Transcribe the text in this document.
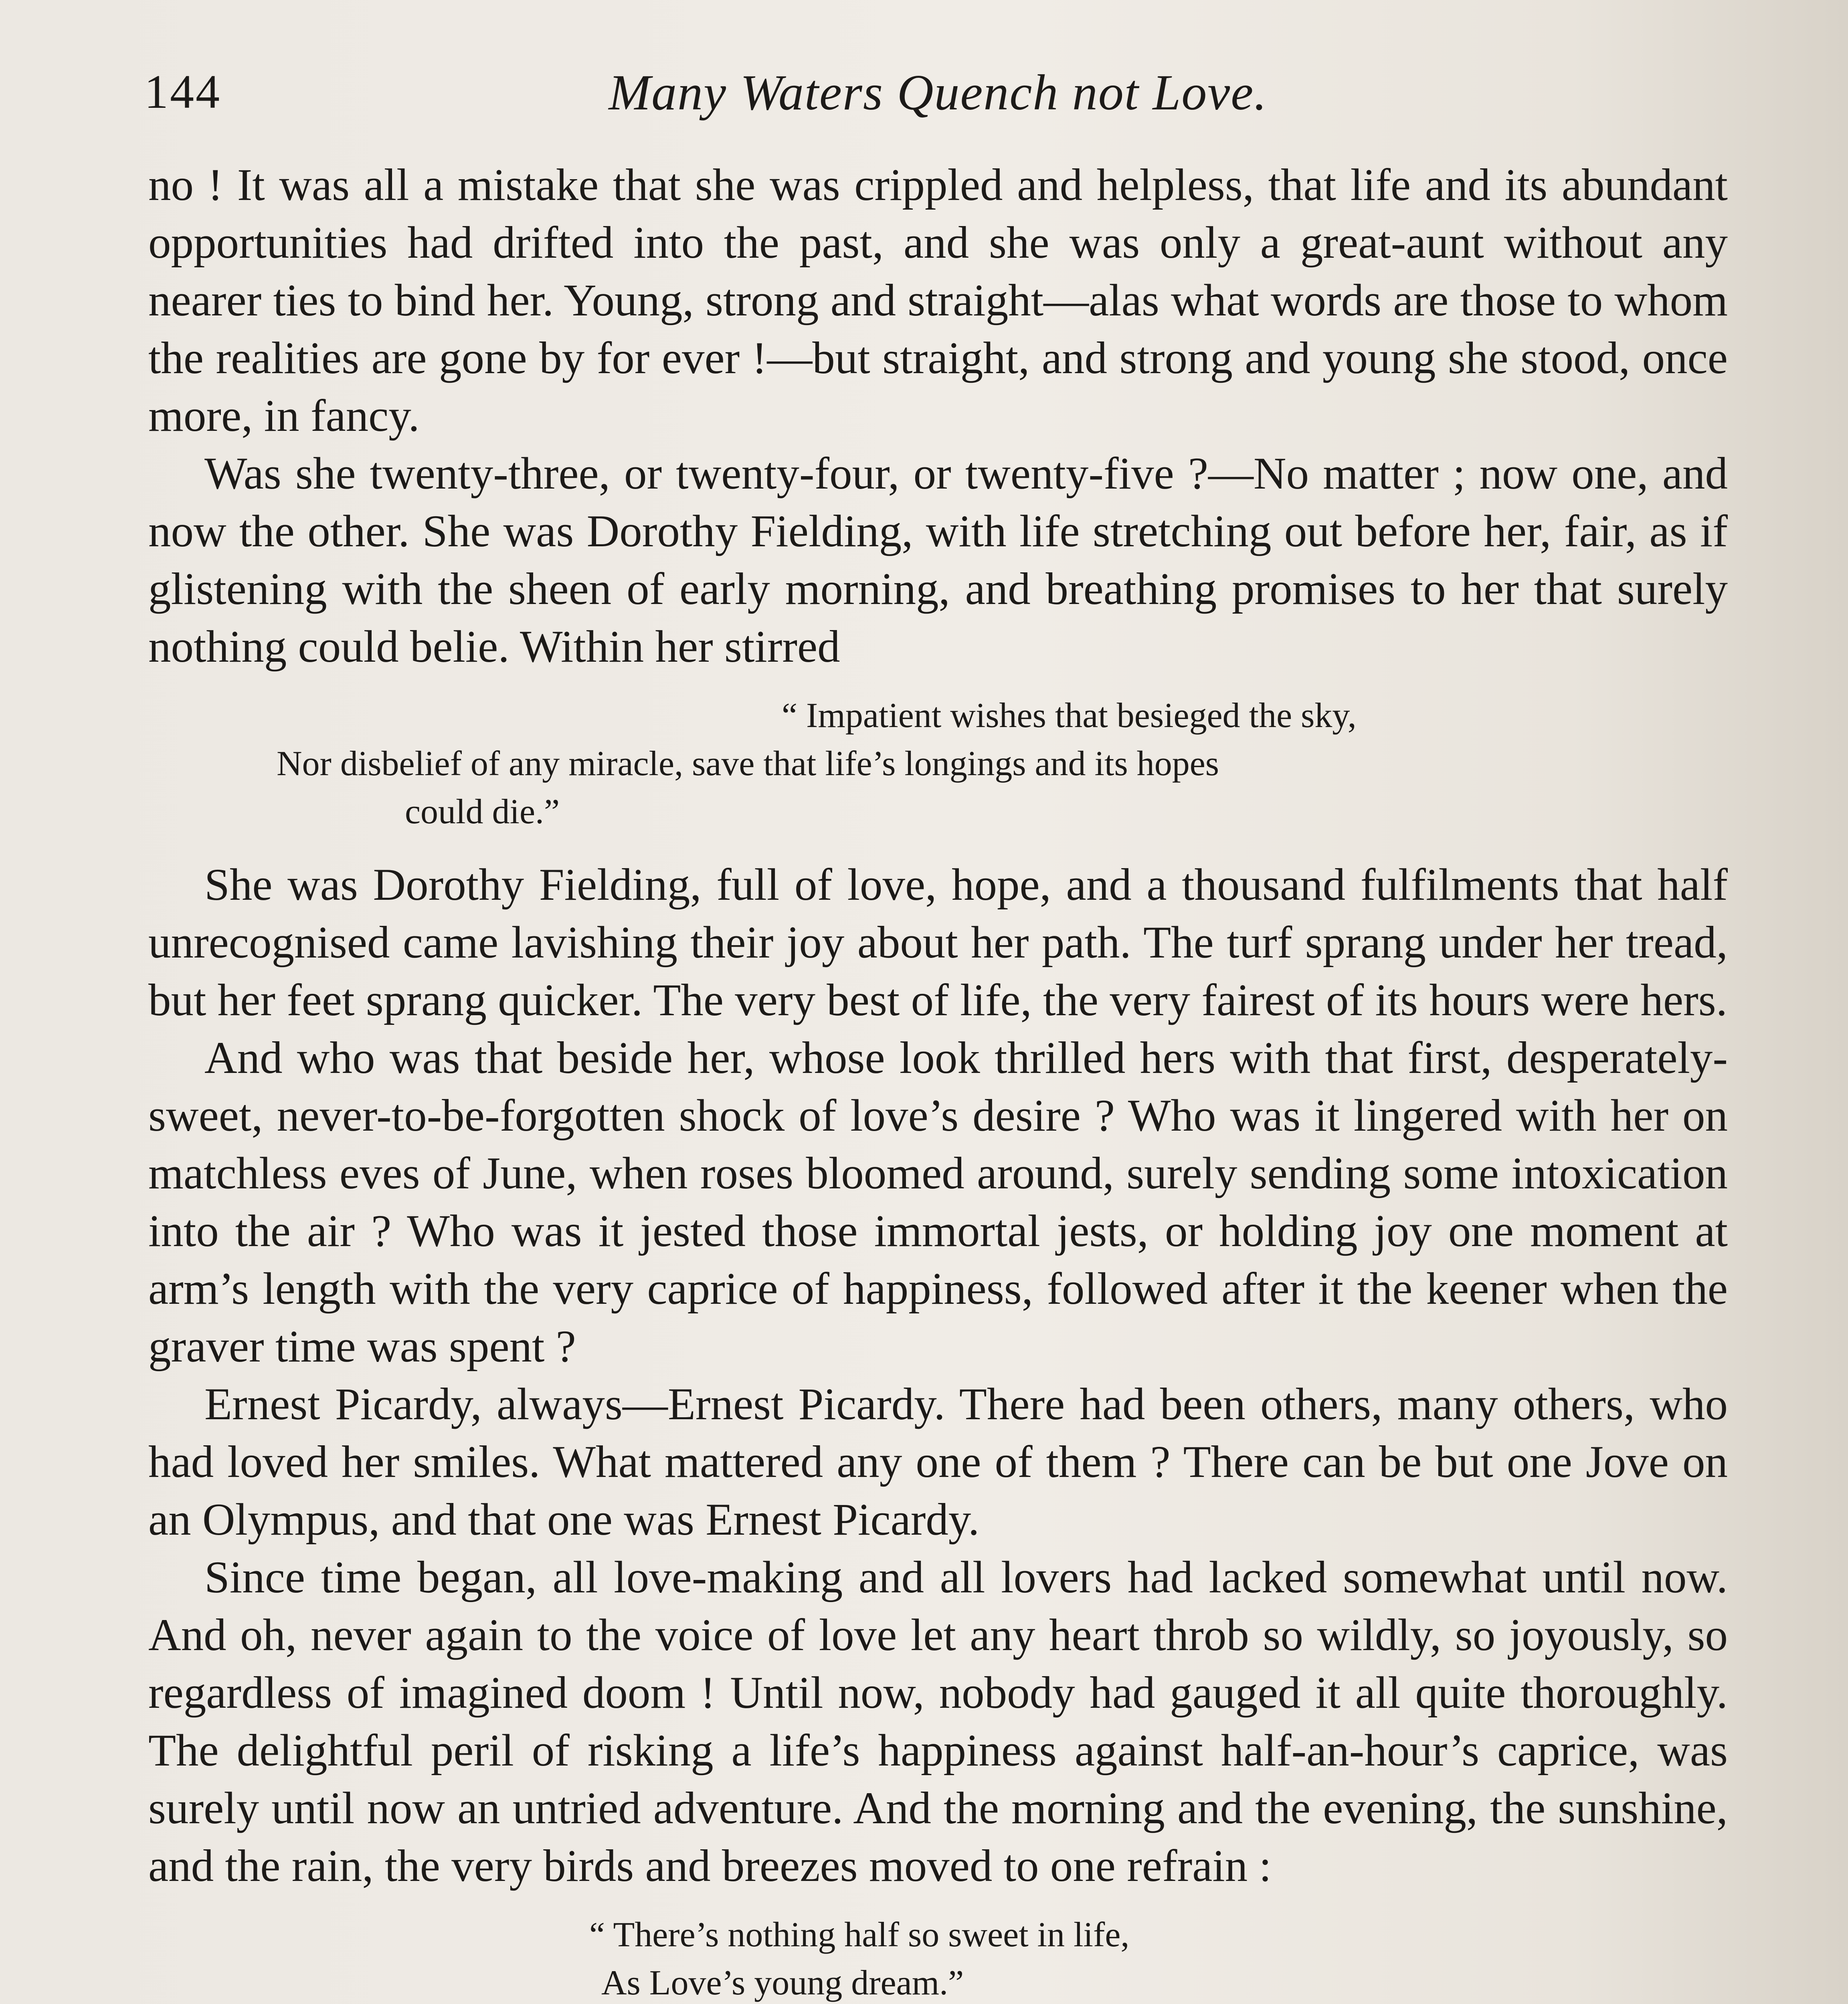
144	Many Waters Quench not Love.

no ! It was all a mistake that she was crippled and helpless, that life and its abundant opportunities had drifted into the past, and she was only a great-aunt without any nearer ties to bind her. Young, strong and straight—alas what words are those to whom the realities are gone by for ever !—but straight, and strong and young she stood, once more, in fancy.

Was she twenty-three, or twenty-four, or twenty-five ?—No matter ; now one, and now the other. She was Dorothy Fielding, with life stretching out before her, fair, as if glistening with the sheen of early morning, and breathing promises to her that surely nothing could belie. Within her stirred

“ Impatient wishes that besieged the sky,
Nor disbelief of any miracle, save that life’s longings and its hopes
could die.”

She was Dorothy Fielding, full of love, hope, and a thousand fulfilments that half unrecognised came lavishing their joy about her path. The turf sprang under her tread, but her feet sprang quicker. The very best of life, the very fairest of its hours were hers.

And who was that beside her, whose look thrilled hers with that first, desperately-sweet, never-to-be-forgotten shock of love’s desire ? Who was it lingered with her on matchless eves of June, when roses bloomed around, surely sending some intoxication into the air ? Who was it jested those immortal jests, or holding joy one moment at arm’s length with the very caprice of happiness, followed after it the keener when the graver time was spent ?

Ernest Picardy, always—Ernest Picardy. There had been others, many others, who had loved her smiles. What mattered any one of them ? There can be but one Jove on an Olympus, and that one was Ernest Picardy.

Since time began, all love-making and all lovers had lacked somewhat until now. And oh, never again to the voice of love let any heart throb so wildly, so joyously, so regardless of imagined doom ! Until now, nobody had gauged it all quite thoroughly. The delightful peril of risking a life’s happiness against half-an-hour’s caprice, was surely until now an untried adventure. And the morning and the evening, the sunshine, and the rain, the very birds and breezes moved to one refrain :

“ There’s nothing half so sweet in life,
As Love’s young dream.”
